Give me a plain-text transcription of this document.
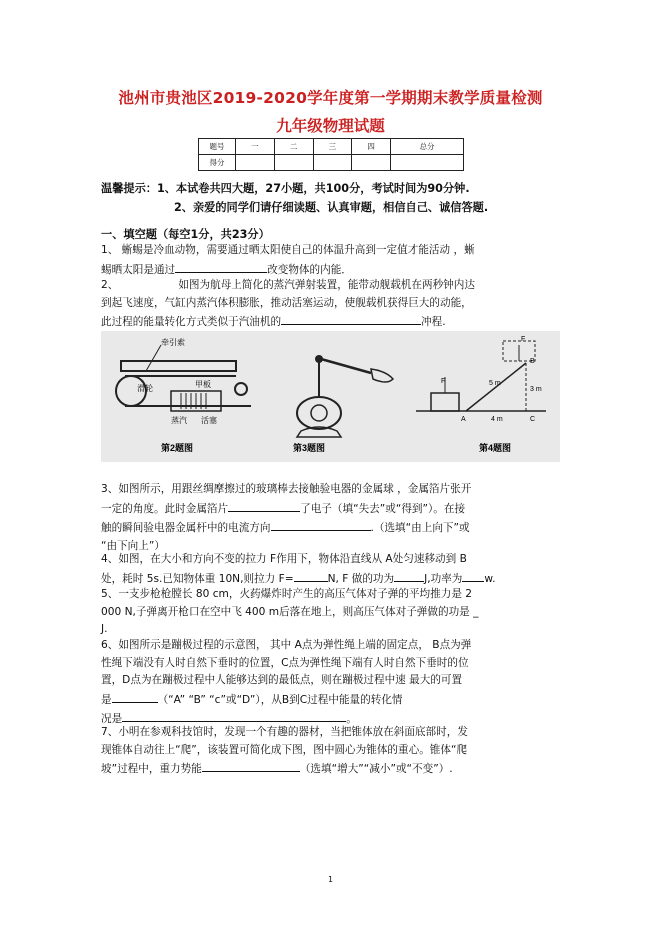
池州市贵池区2019-2020学年度第一学期期末教学质量检测
九年级物理试题
题号	一	二	三	四	总分
得分					
温馨提示：1、本试卷共四大题，27小题，共100分，考试时间为90分钟.
2、亲爱的同学们请仔细读题、认真审题，相信自己、诚信答题.
一、填空题（每空1分，共23分）
1、 蜥蜴是冷血动物，需要通过晒太阳使自己的体温升高到一定值才能活动 ，蜥
蜴晒太阳是通过	改变物体的内能．
2、	如图为航母上简化的蒸汽弹射装置，能带动舰载机在两秒钟内达
到起飞速度，气缸内蒸汽体积膨胀，推动活塞运动，使舰载机获得巨大的动能，
此过程的能量转化方式类似于汽油机的	冲程.
牵引索
滑轮	甲板
蒸汽 活塞
第2题图	第3题图
F
F
A
B
C
5 m
3 m
4 m
第4题图
3、如图所示，用跟丝绸摩擦过的玻璃棒去接触验电器的金属球 ，金属箔片张开
一定的角度。此时金属箔片	了电子（填“失去”或“得到”）。在接
触的瞬间验电器金属杆中的电流方向	.（选填“由上向下”或
“由下向上”）
4、如图，在大小和方向不变的拉力 F作用下，物体沿直线从 A处匀速移动到 B
处，耗时 5s.已知物体重 10N,则拉力 F=	N, F 做的功为	J,功率为 w.
5、一支步枪枪膛长 80 cm，火药爆炸时产生的高压气体对子弹的平均推力是 2
000 N,子弹离开枪口在空中飞 400 m后落在地上，则高压气体对子弹做的功是 _
J.
6、如图所示是蹦极过程的示意图， 其中 A点为弹性绳上端的固定点， B点为弹
性绳下端没有人时自然下垂时的位置，C点为弹性绳下端有人时自然下垂时的位
置，D点为在蹦极过程中人能够达到的最低点，则在蹦极过程中速 最大的可置
是	（“A” “B” “c”或“D”），从B到C过程中能量的转化情
况是	。
7、小明在参观科技馆时，发现一个有趣的器材，当把锥体放在斜面底部时，发
现锥体自动往上“爬”，该装置可简化成下图，图中圆心为锥体的重心。锥体“爬
坡”过程中，重力势能	（选填“增大”“减小”或“不变”）.
1
